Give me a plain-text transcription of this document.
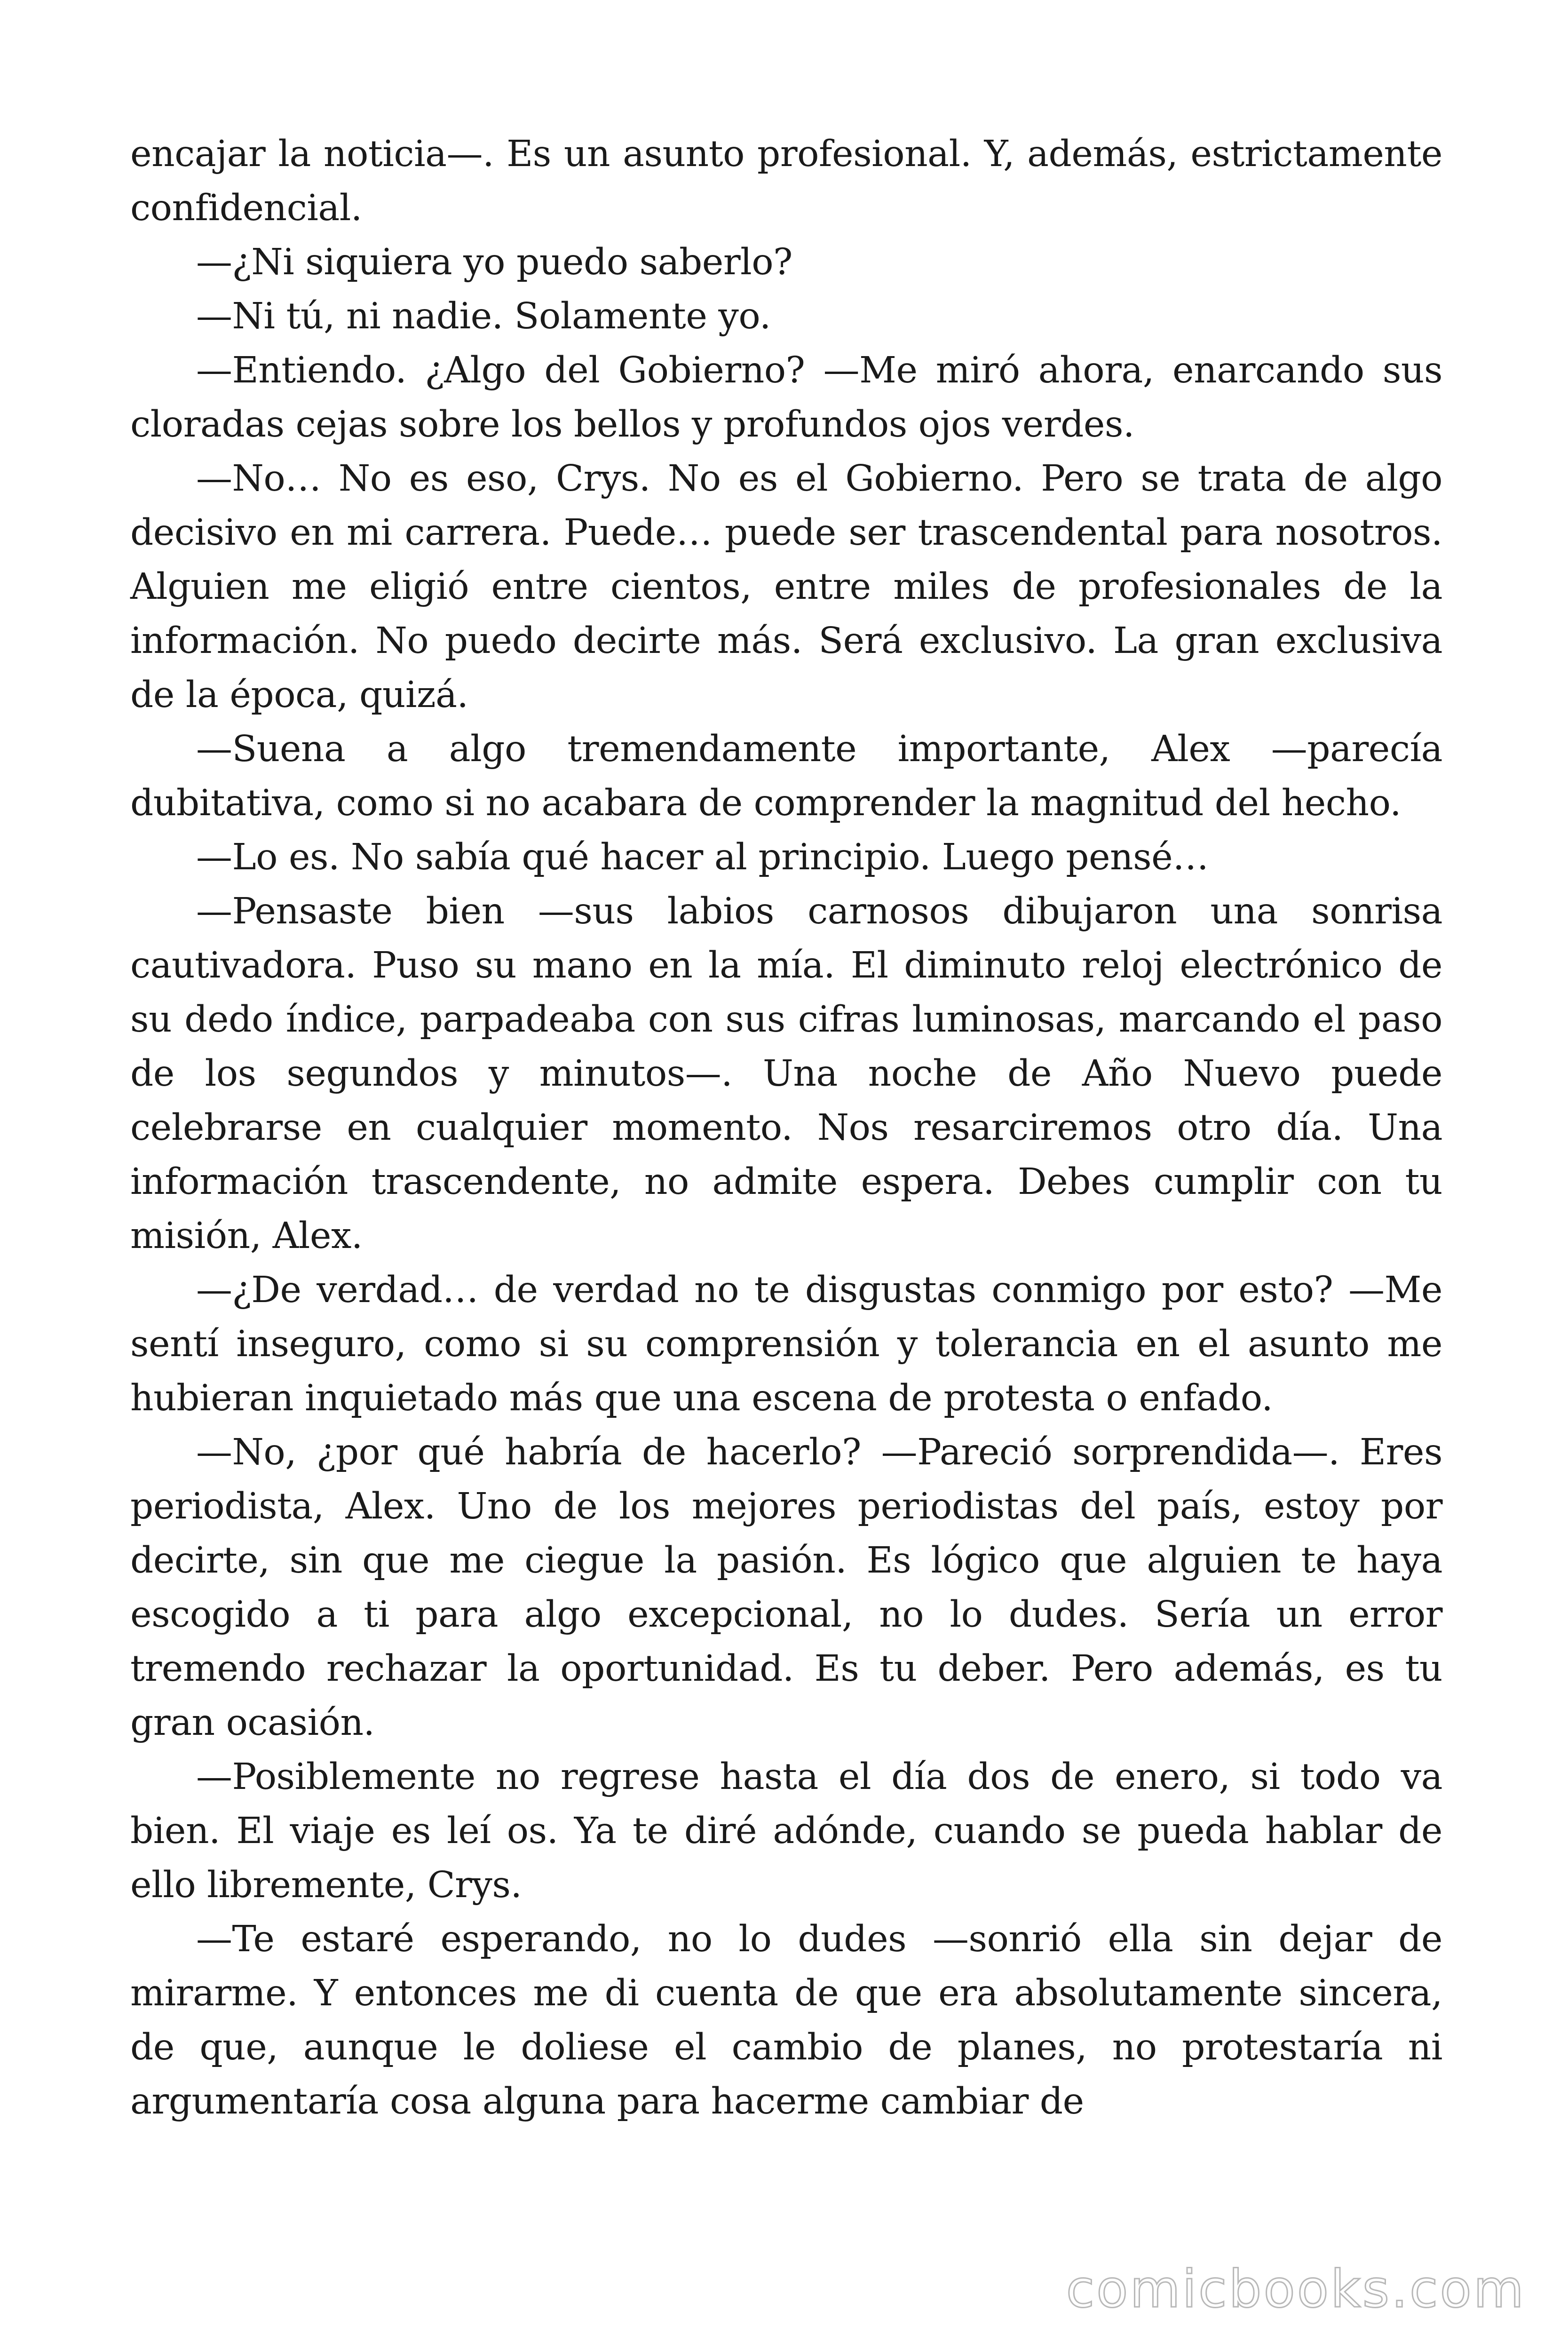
encajar la noticia—. Es un asunto profesional. Y, además, estrictamente confidencial.

—¿Ni siquiera yo puedo saberlo?

—Ni tú, ni nadie. Solamente yo.

—Entiendo. ¿Algo del Gobierno? —Me miró ahora, enarcando sus cloradas cejas sobre los bellos y profundos ojos verdes.

—No… No es eso, Crys. No es el Gobierno. Pero se trata de algo decisivo en mi carrera. Puede… puede ser trascendental para nosotros. Alguien me eligió entre cientos, entre miles de profesionales de la información. No puedo decirte más. Será exclusivo. La gran exclusiva de la época, quizá.

—Suena a algo tremendamente importante, Alex —parecía dubitativa, como si no acabara de comprender la magnitud del hecho.

—Lo es. No sabía qué hacer al principio. Luego pensé…

—Pensaste bien —sus labios carnosos dibujaron una sonrisa cautivadora. Puso su mano en la mía. El diminuto reloj electrónico de su dedo índice, parpadeaba con sus cifras luminosas, marcando el paso de los segundos y minutos—. Una noche de Año Nuevo puede celebrarse en cualquier momento. Nos resarciremos otro día. Una información trascendente, no admite espera. Debes cumplir con tu misión, Alex.

—¿De verdad… de verdad no te disgustas conmigo por esto? —Me sentí inseguro, como si su comprensión y tolerancia en el asunto me hubieran inquietado más que una escena de protesta o enfado.

—No, ¿por qué habría de hacerlo? —Pareció sorprendida—. Eres periodista, Alex. Uno de los mejores periodistas del país, estoy por decirte, sin que me ciegue la pasión. Es lógico que alguien te haya escogido a ti para algo excepcional, no lo dudes. Sería un error tremendo rechazar la oportunidad. Es tu deber. Pero además, es tu gran ocasión.

—Posiblemente no regrese hasta el día dos de enero, si todo va bien. El viaje es leí os. Ya te diré adónde, cuando se pueda hablar de ello libremente, Crys.

—Te estaré esperando, no lo dudes —sonrió ella sin dejar de mirarme. Y entonces me di cuenta de que era absolutamente sincera, de que, aunque le doliese el cambio de planes, no protestaría ni argumentaría cosa alguna para hacerme cambiar de

comicbooks.com
